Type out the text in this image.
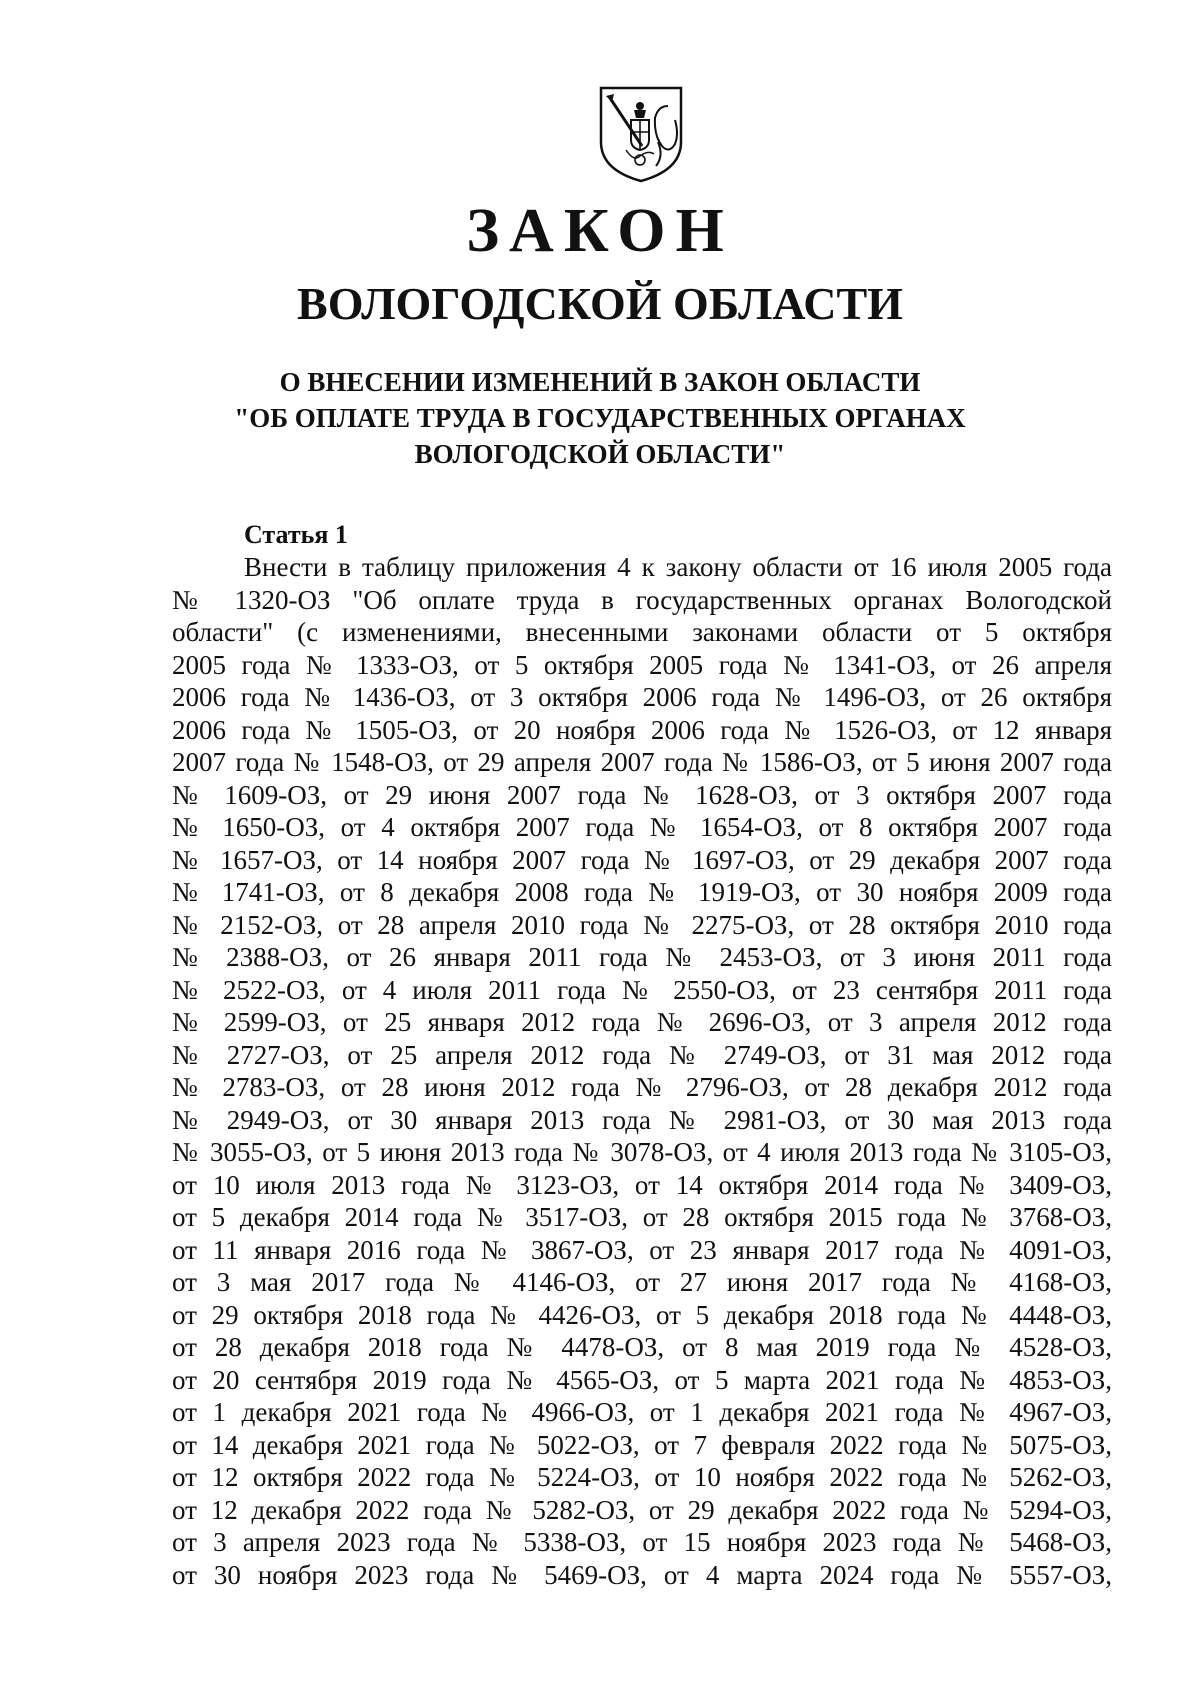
ЗАКОН
ВОЛОГОДСКОЙ ОБЛАСТИ
О ВНЕСЕНИИ ИЗМЕНЕНИЙ В ЗАКОН ОБЛАСТИ
"ОБ ОПЛАТЕ ТРУДА В ГОСУДАРСТВЕННЫХ ОРГАНАХ
ВОЛОГОДСКОЙ ОБЛАСТИ"
Статья 1
Внести в таблицу приложения 4 к закону области от 16 июля 2005 года
№ 1320-ОЗ "Об оплате труда в государственных органах Вологодской
области" (с изменениями, внесенными законами области от 5 октября
2005 года № 1333-ОЗ, от 5 октября 2005 года № 1341-ОЗ, от 26 апреля
2006 года № 1436-ОЗ, от 3 октября 2006 года № 1496-ОЗ, от 26 октября
2006 года № 1505-ОЗ, от 20 ноября 2006 года № 1526-ОЗ, от 12 января
2007 года № 1548-ОЗ, от 29 апреля 2007 года № 1586-ОЗ, от 5 июня 2007 года
№ 1609-ОЗ, от 29 июня 2007 года № 1628-ОЗ, от 3 октября 2007 года
№ 1650-ОЗ, от 4 октября 2007 года № 1654-ОЗ, от 8 октября 2007 года
№ 1657-ОЗ, от 14 ноября 2007 года № 1697-ОЗ, от 29 декабря 2007 года
№ 1741-ОЗ, от 8 декабря 2008 года № 1919-ОЗ, от 30 ноября 2009 года
№ 2152-ОЗ, от 28 апреля 2010 года № 2275-ОЗ, от 28 октября 2010 года
№ 2388-ОЗ, от 26 января 2011 года № 2453-ОЗ, от 3 июня 2011 года
№ 2522-ОЗ, от 4 июля 2011 года № 2550-ОЗ, от 23 сентября 2011 года
№ 2599-ОЗ, от 25 января 2012 года № 2696-ОЗ, от 3 апреля 2012 года
№ 2727-ОЗ, от 25 апреля 2012 года № 2749-ОЗ, от 31 мая 2012 года
№ 2783-ОЗ, от 28 июня 2012 года № 2796-ОЗ, от 28 декабря 2012 года
№ 2949-ОЗ, от 30 января 2013 года № 2981-ОЗ, от 30 мая 2013 года
№ 3055-ОЗ, от 5 июня 2013 года № 3078-ОЗ, от 4 июля 2013 года № 3105-ОЗ,
от 10 июля 2013 года № 3123-ОЗ, от 14 октября 2014 года № 3409-ОЗ,
от 5 декабря 2014 года № 3517-ОЗ, от 28 октября 2015 года № 3768-ОЗ,
от 11 января 2016 года № 3867-ОЗ, от 23 января 2017 года № 4091-ОЗ,
от 3 мая 2017 года № 4146-ОЗ, от 27 июня 2017 года № 4168-ОЗ,
от 29 октября 2018 года № 4426-ОЗ, от 5 декабря 2018 года № 4448-ОЗ,
от 28 декабря 2018 года № 4478-ОЗ, от 8 мая 2019 года № 4528-ОЗ,
от 20 сентября 2019 года № 4565-ОЗ, от 5 марта 2021 года № 4853-ОЗ,
от 1 декабря 2021 года № 4966-ОЗ, от 1 декабря 2021 года № 4967-ОЗ,
от 14 декабря 2021 года № 5022-ОЗ, от 7 февраля 2022 года № 5075-ОЗ,
от 12 октября 2022 года № 5224-ОЗ, от 10 ноября 2022 года № 5262-ОЗ,
от 12 декабря 2022 года № 5282-ОЗ, от 29 декабря 2022 года № 5294-ОЗ,
от 3 апреля 2023 года № 5338-ОЗ, от 15 ноября 2023 года № 5468-ОЗ,
от 30 ноября 2023 года № 5469-ОЗ, от 4 марта 2024 года № 5557-ОЗ,
